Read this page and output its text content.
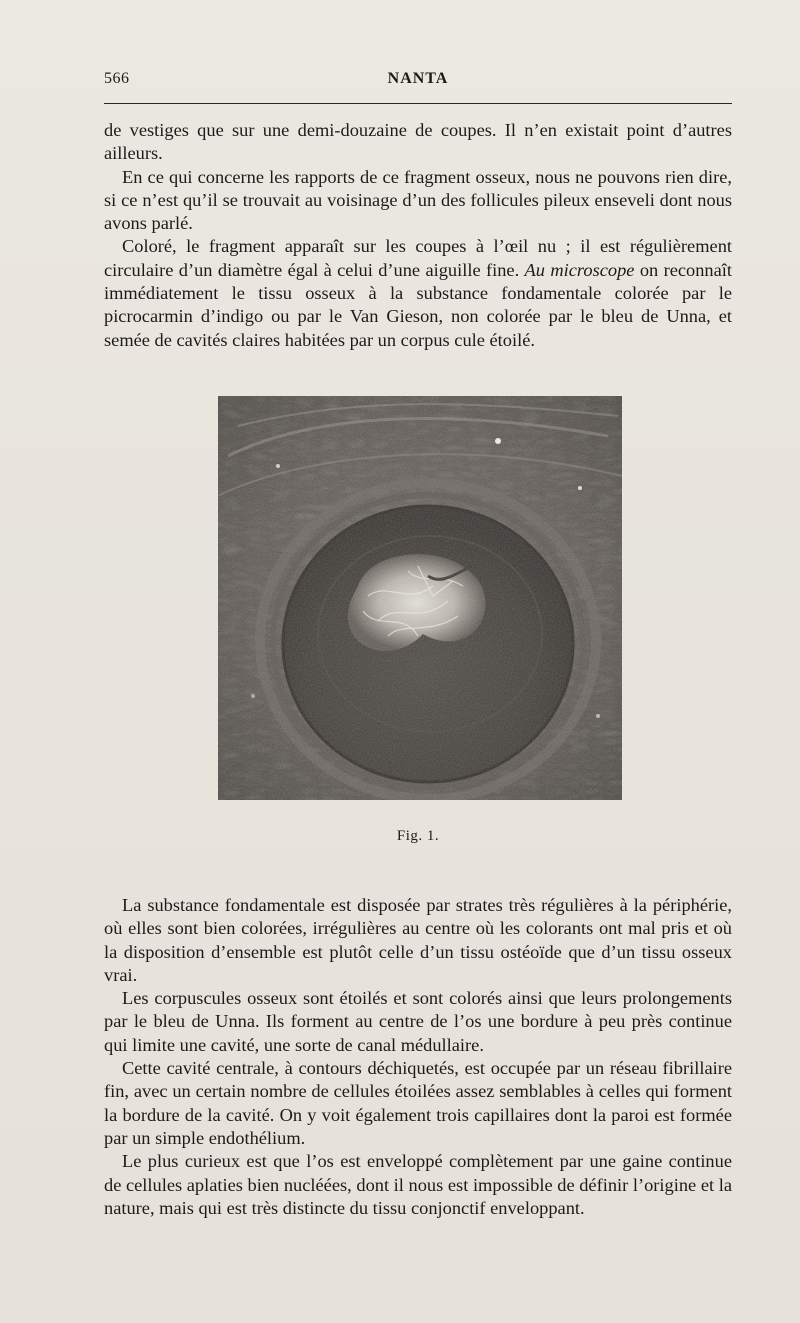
566	NANTA

de vestiges que sur une demi-douzaine de coupes. Il n’en existait point d’autres ailleurs.

En ce qui concerne les rapports de ce fragment osseux, nous ne pouvons rien dire, si ce n’est qu’il se trouvait au voisinage d’un des follicules pileux enseveli dont nous avons parlé.

Coloré, le fragment apparaît sur les coupes à l’œil nu ; il est régulièrement circulaire d’un diamètre égal à celui d’une aiguille fine. Au microscope on reconnaît immédiatement le tissu osseux à la substance fondamentale colorée par le picrocarmin d’indigo ou par le Van Gieson, non colorée par le bleu de Unna, et semée de cavités claires habitées par un corpus cule étoilé.

Fig. 1.

La substance fondamentale est disposée par strates très régulières à la périphérie, où elles sont bien colorées, irrégulières au centre où les colorants ont mal pris et où la disposition d’ensemble est plutôt celle d’un tissu ostéoïde que d’un tissu osseux vrai.

Les corpuscules osseux sont étoilés et sont colorés ainsi que leurs prolongements par le bleu de Unna. Ils forment au centre de l’os une bordure à peu près continue qui limite une cavité, une sorte de canal médullaire.

Cette cavité centrale, à contours déchiquetés, est occupée par un réseau fibrillaire fin, avec un certain nombre de cellules étoilées assez semblables à celles qui forment la bordure de la cavité. On y voit également trois capillaires dont la paroi est formée par un simple endothélium.

Le plus curieux est que l’os est enveloppé complètement par une gaine continue de cellules aplaties bien nucléées, dont il nous est impossible de définir l’origine et la nature, mais qui est très distincte du tissu conjonctif enveloppant.
